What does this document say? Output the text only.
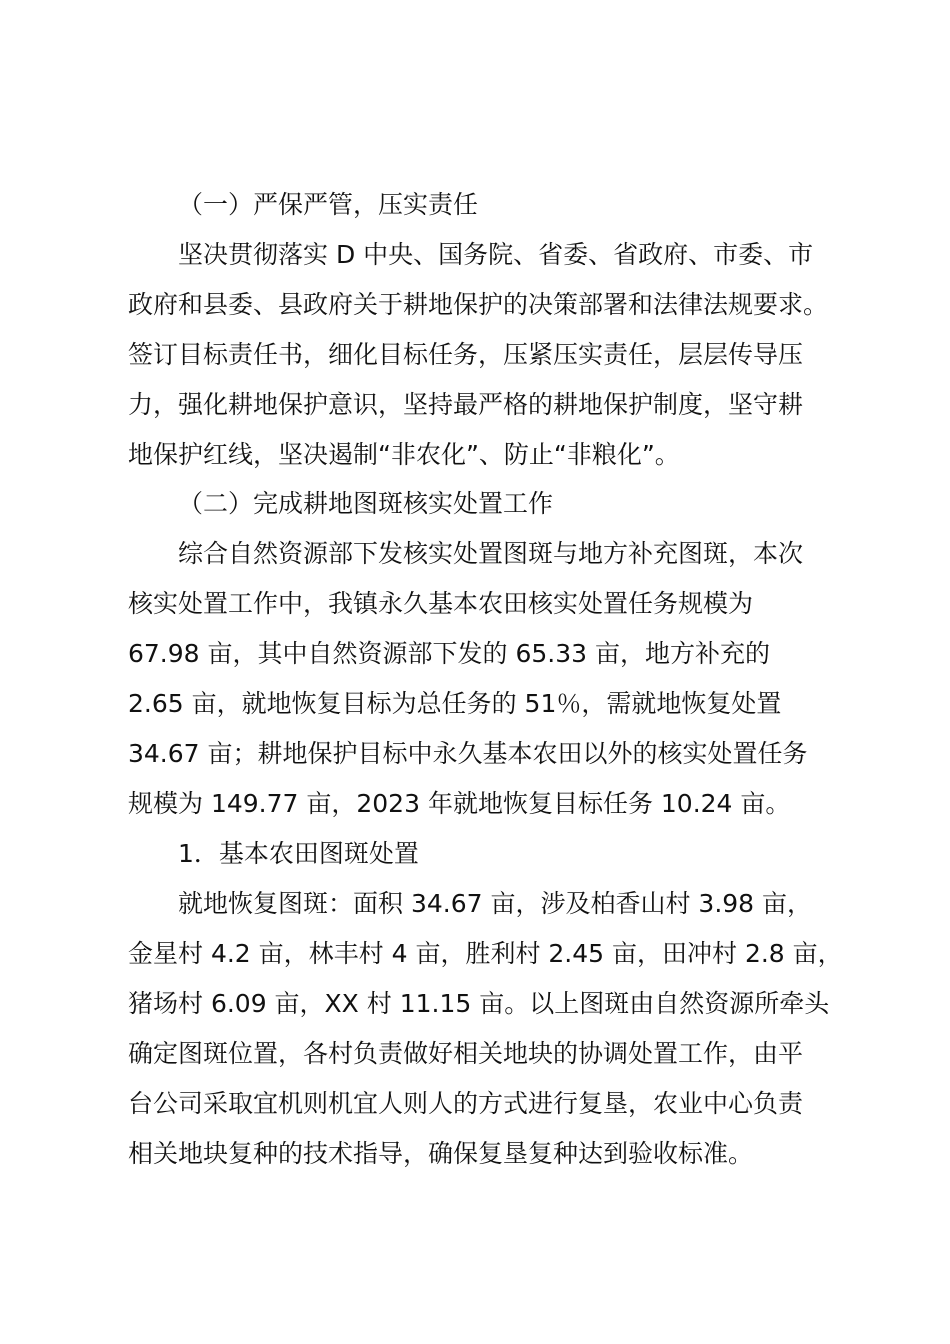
（一）严保严管，压实责任

坚决贯彻落实 D 中央、国务院、省委、省政府、市委、市

政府和县委、县政府关于耕地保护的决策部署和法律法规要求。

签订目标责任书，细化目标任务，压紧压实责任，层层传导压

力，强化耕地保护意识，坚持最严格的耕地保护制度，坚守耕

地保护红线，坚决遏制“非农化”、防止“非粮化”。

（二）完成耕地图斑核实处置工作

综合自然资源部下发核实处置图斑与地方补充图斑，本次

核实处置工作中，我镇永久基本农田核实处置任务规模为

67.98 亩，其中自然资源部下发的 65.33 亩，地方补充的

2.65 亩，就地恢复目标为总任务的 51％，需就地恢复处置

34.67 亩；耕地保护目标中永久基本农田以外的核实处置任务

规模为 149.77 亩，2023 年就地恢复目标任务 10.24 亩。

1．基本农田图斑处置

就地恢复图斑：面积 34.67 亩，涉及柏香山村 3.98 亩，

金星村 4.2 亩，林丰村 4 亩，胜利村 2.45 亩，田冲村 2.8 亩，

猪场村 6.09 亩，XX 村 11.15 亩。以上图斑由自然资源所牵头

确定图斑位置，各村负责做好相关地块的协调处置工作，由平

台公司采取宜机则机宜人则人的方式进行复垦，农业中心负责

相关地块复种的技术指导，确保复垦复种达到验收标准。
